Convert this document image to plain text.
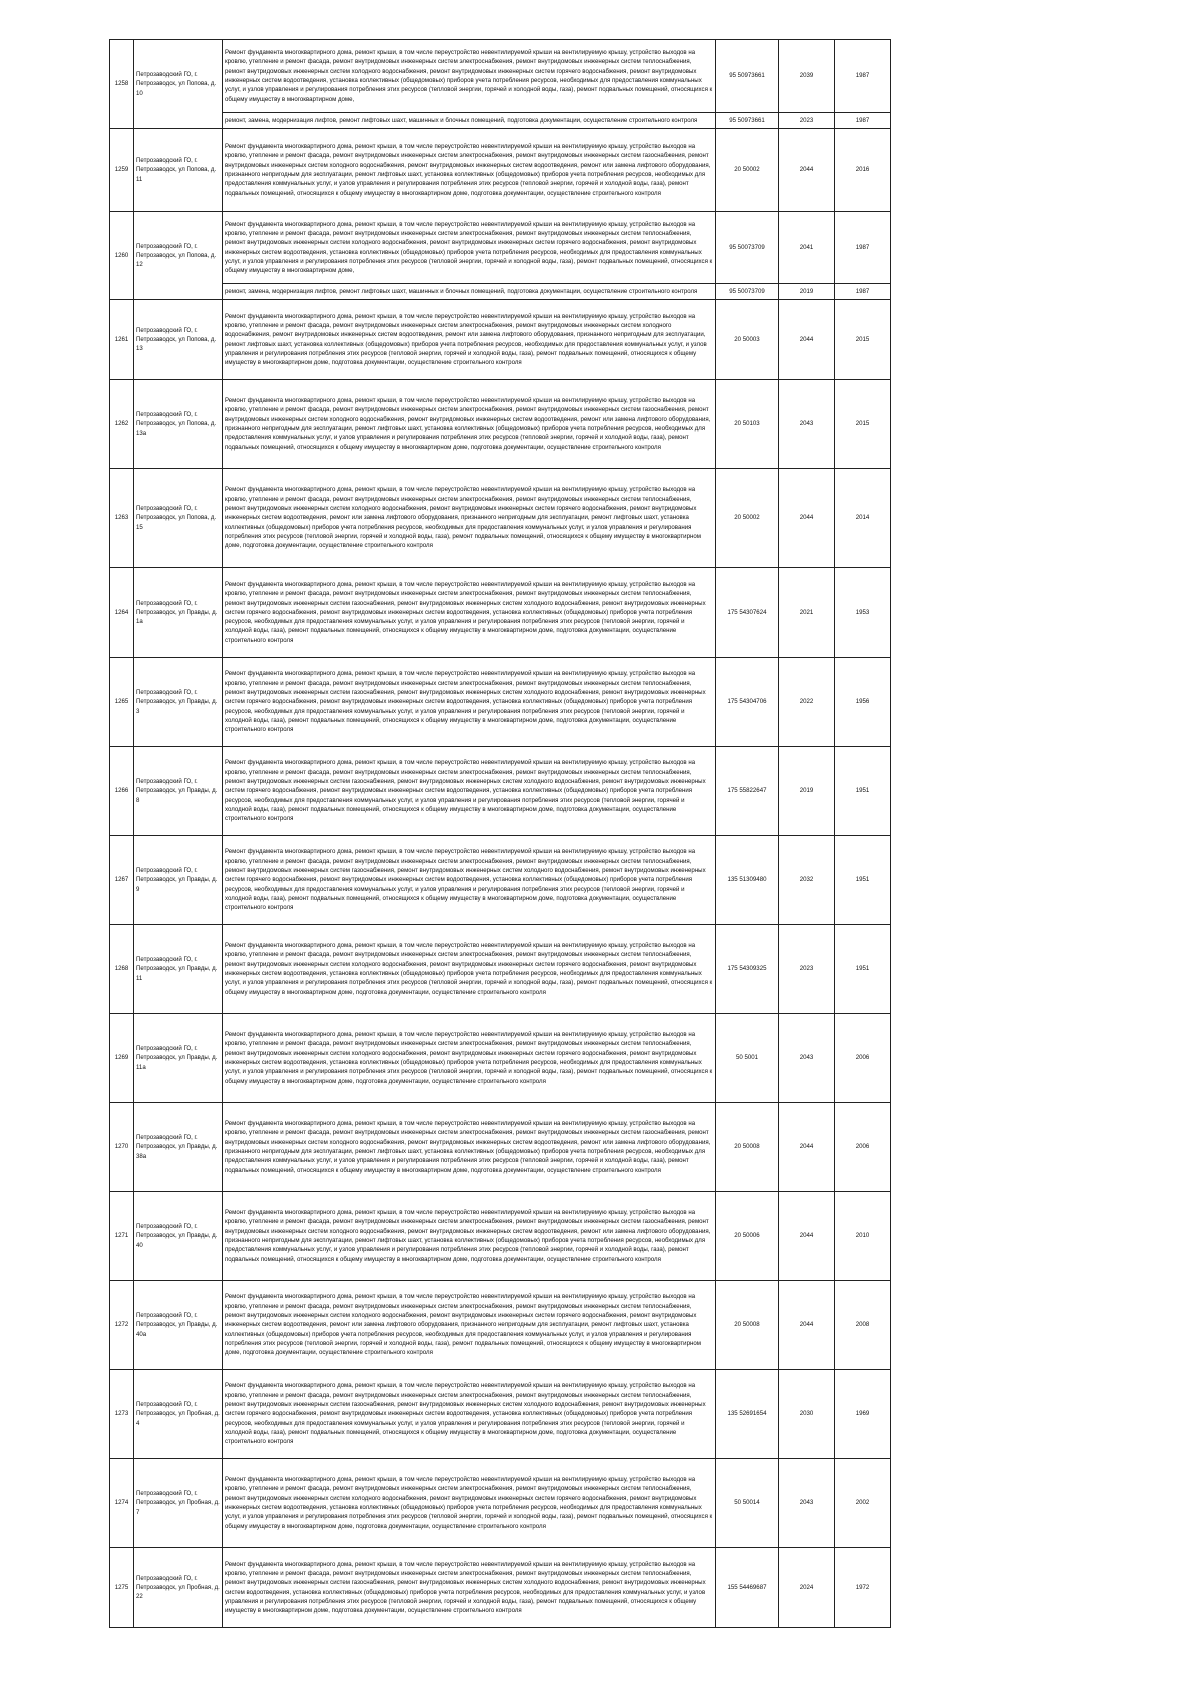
1258	Петрозаводский ГО, г. Петрозаводск, ул Попова, д. 10	Ремонт фундамента многоквартирного дома, ремонт крыши, в том числе переустройство невентилируемой крыши на вентилируемую крышу, устройство выходов на кровлю, утепление и ремонт фасада, ремонт внутридомовых инженерных систем электроснабжения, ремонт внутридомовых инженерных систем теплоснабжения, ремонт внутридомовых инженерных систем холодного водоснабжения, ремонт внутридомовых инженерных систем горячего водоснабжения, ремонт внутридомовых инженерных систем водоотведения, установка коллективных (общедомовых) приборов учета потребления ресурсов, необходимых для предоставления коммунальных услуг, и узлов управления и регулирования потребления этих ресурсов (тепловой энергии, горячей и холодной воды, газа), ремонт подвальных помещений, относящихся к общему имуществу в многоквартирном доме,	95 50973661	2039	1987
		ремонт, замена, модернизация лифтов, ремонт лифтовых шахт, машинных и блочных помещений, подготовка документации, осуществление строительного контроля	95 50973661	2023	1987
1259	Петрозаводский ГО, г. Петрозаводск, ул Попова, д. 11	Ремонт фундамента многоквартирного дома, ремонт крыши, в том числе переустройство невентилируемой крыши на вентилируемую крышу, устройство выходов на кровлю, утепление и ремонт фасада, ремонт внутридомовых инженерных систем электроснабжения, ремонт внутридомовых инженерных систем газоснабжения, ремонт внутридомовых инженерных систем холодного водоснабжения, ремонт внутридомовых инженерных систем водоотведения, ремонт или замена лифтового оборудования, признанного непригодным для эксплуатации, ремонт лифтовых шахт, установка коллективных (общедомовых) приборов учета потребления ресурсов, необходимых для предоставления коммунальных услуг, и узлов управления и регулирования потребления этих ресурсов (тепловой энергии, горячей и холодной воды, газа), ремонт подвальных помещений, относящихся к общему имуществу в многоквартирном доме, подготовка документации, осуществление строительного контроля	20 50002	2044	2016
1260	Петрозаводский ГО, г. Петрозаводск, ул Попова, д. 12	Ремонт фундамента многоквартирного дома, ремонт крыши, в том числе переустройство невентилируемой крыши на вентилируемую крышу, устройство выходов на кровлю, утепление и ремонт фасада, ремонт внутридомовых инженерных систем электроснабжения, ремонт внутридомовых инженерных систем теплоснабжения, ремонт внутридомовых инженерных систем холодного водоснабжения, ремонт внутридомовых инженерных систем горячего водоснабжения, ремонт внутридомовых инженерных систем водоотведения, установка коллективных (общедомовых) приборов учета потребления ресурсов, необходимых для предоставления коммунальных услуг, и узлов управления и регулирования потребления этих ресурсов (тепловой энергии, горячей и холодной воды, газа), ремонт подвальных помещений, относящихся к общему имуществу в многоквартирном доме,	95 50073709	2041	1987
		ремонт, замена, модернизация лифтов, ремонт лифтовых шахт, машинных и блочных помещений, подготовка документации, осуществление строительного контроля	95 50073709	2019	1987
1261	Петрозаводский ГО, г. Петрозаводск, ул Попова, д. 13	Ремонт фундамента многоквартирного дома, ремонт крыши, в том числе переустройство невентилируемой крыши на вентилируемую крышу, устройство выходов на кровлю, утепление и ремонт фасада, ремонт внутридомовых инженерных систем электроснабжения, ремонт внутридомовых инженерных систем холодного водоснабжения, ремонт внутридомовых инженерных систем водоотведения, ремонт или замена лифтового оборудования, признанного непригодным для эксплуатации, ремонт лифтовых шахт, установка коллективных (общедомовых) приборов учета потребления ресурсов, необходимых для предоставления коммунальных услуг, и узлов управления и регулирования потребления этих ресурсов (тепловой энергии, горячей и холодной воды, газа), ремонт подвальных помещений, относящихся к общему имуществу в многоквартирном доме, подготовка документации, осуществление строительного контроля	20 50003	2044	2015
1262	Петрозаводский ГО, г. Петрозаводск, ул Попова, д. 13а	Ремонт фундамента многоквартирного дома, ремонт крыши, в том числе переустройство невентилируемой крыши на вентилируемую крышу, устройство выходов на кровлю, утепление и ремонт фасада, ремонт внутридомовых инженерных систем электроснабжения, ремонт внутридомовых инженерных систем газоснабжения, ремонт внутридомовых инженерных систем холодного водоснабжения, ремонт внутридомовых инженерных систем водоотведения, ремонт или замена лифтового оборудования, признанного непригодным для эксплуатации, ремонт лифтовых шахт, установка коллективных (общедомовых) приборов учета потребления ресурсов, необходимых для предоставления коммунальных услуг, и узлов управления и регулирования потребления этих ресурсов (тепловой энергии, горячей и холодной воды, газа), ремонт подвальных помещений, относящихся к общему имуществу в многоквартирном доме, подготовка документации, осуществление строительного контроля	20 50103	2043	2015
1263	Петрозаводский ГО, г. Петрозаводск, ул Попова, д. 15	Ремонт фундамента многоквартирного дома, ремонт крыши, в том числе переустройство невентилируемой крыши на вентилируемую крышу, устройство выходов на кровлю, утепление и ремонт фасада, ремонт внутридомовых инженерных систем электроснабжения, ремонт внутридомовых инженерных систем теплоснабжения, ремонт внутридомовых инженерных систем холодного водоснабжения, ремонт внутридомовых инженерных систем горячего водоснабжения, ремонт внутридомовых инженерных систем водоотведения, ремонт или замена лифтового оборудования, признанного непригодным для эксплуатации, ремонт лифтовых шахт, установка коллективных (общедомовых) приборов учета потребления ресурсов, необходимых для предоставления коммунальных услуг, и узлов управления и регулирования потребления этих ресурсов (тепловой энергии, горячей и холодной воды, газа), ремонт подвальных помещений, относящихся к общему имуществу в многоквартирном доме, подготовка документации, осуществление строительного контроля	20 50002	2044	2014
1264	Петрозаводский ГО, г. Петрозаводск, ул Правды, д. 1а	Ремонт фундамента многоквартирного дома, ремонт крыши, в том числе переустройство невентилируемой крыши на вентилируемую крышу, устройство выходов на кровлю, утепление и ремонт фасада, ремонт внутридомовых инженерных систем электроснабжения, ремонт внутридомовых инженерных систем теплоснабжения, ремонт внутридомовых инженерных систем газоснабжения, ремонт внутридомовых инженерных систем холодного водоснабжения, ремонт внутридомовых инженерных систем горячего водоснабжения, ремонт внутридомовых инженерных систем водоотведения, установка коллективных (общедомовых) приборов учета потребления ресурсов, необходимых для предоставления коммунальных услуг, и узлов управления и регулирования потребления этих ресурсов (тепловой энергии, горячей и холодной воды, газа), ремонт подвальных помещений, относящихся к общему имуществу в многоквартирном доме, подготовка документации, осуществление строительного контроля	175 54307624	2021	1953
1265	Петрозаводский ГО, г. Петрозаводск, ул Правды, д. 3	Ремонт фундамента многоквартирного дома, ремонт крыши, в том числе переустройство невентилируемой крыши на вентилируемую крышу, устройство выходов на кровлю, утепление и ремонт фасада, ремонт внутридомовых инженерных систем электроснабжения, ремонт внутридомовых инженерных систем теплоснабжения, ремонт внутридомовых инженерных систем газоснабжения, ремонт внутридомовых инженерных систем холодного водоснабжения, ремонт внутридомовых инженерных систем горячего водоснабжения, ремонт внутридомовых инженерных систем водоотведения, установка коллективных (общедомовых) приборов учета потребления ресурсов, необходимых для предоставления коммунальных услуг, и узлов управления и регулирования потребления этих ресурсов (тепловой энергии, горячей и холодной воды, газа), ремонт подвальных помещений, относящихся к общему имуществу в многоквартирном доме, подготовка документации, осуществление строительного контроля	175 54304706	2022	1956
1266	Петрозаводский ГО, г. Петрозаводск, ул Правды, д. 8	Ремонт фундамента многоквартирного дома, ремонт крыши, в том числе переустройство невентилируемой крыши на вентилируемую крышу, устройство выходов на кровлю, утепление и ремонт фасада, ремонт внутридомовых инженерных систем электроснабжения, ремонт внутридомовых инженерных систем теплоснабжения, ремонт внутридомовых инженерных систем газоснабжения, ремонт внутридомовых инженерных систем холодного водоснабжения, ремонт внутридомовых инженерных систем горячего водоснабжения, ремонт внутридомовых инженерных систем водоотведения, установка коллективных (общедомовых) приборов учета потребления ресурсов, необходимых для предоставления коммунальных услуг, и узлов управления и регулирования потребления этих ресурсов (тепловой энергии, горячей и холодной воды, газа), ремонт подвальных помещений, относящихся к общему имуществу в многоквартирном доме, подготовка документации, осуществление строительного контроля	175 55822647	2019	1951
1267	Петрозаводский ГО, г. Петрозаводск, ул Правды, д. 9	Ремонт фундамента многоквартирного дома, ремонт крыши, в том числе переустройство невентилируемой крыши на вентилируемую крышу, устройство выходов на кровлю, утепление и ремонт фасада, ремонт внутридомовых инженерных систем электроснабжения, ремонт внутридомовых инженерных систем теплоснабжения, ремонт внутридомовых инженерных систем газоснабжения, ремонт внутридомовых инженерных систем холодного водоснабжения, ремонт внутридомовых инженерных систем горячего водоснабжения, ремонт внутридомовых инженерных систем водоотведения, установка коллективных (общедомовых) приборов учета потребления ресурсов, необходимых для предоставления коммунальных услуг, и узлов управления и регулирования потребления этих ресурсов (тепловой энергии, горячей и холодной воды, газа), ремонт подвальных помещений, относящихся к общему имуществу в многоквартирном доме, подготовка документации, осуществление строительного контроля	135 51309480	2032	1951
1268	Петрозаводский ГО, г. Петрозаводск, ул Правды, д. 11	Ремонт фундамента многоквартирного дома, ремонт крыши, в том числе переустройство невентилируемой крыши на вентилируемую крышу, устройство выходов на кровлю, утепление и ремонт фасада, ремонт внутридомовых инженерных систем электроснабжения, ремонт внутридомовых инженерных систем теплоснабжения, ремонт внутридомовых инженерных систем холодного водоснабжения, ремонт внутридомовых инженерных систем горячего водоснабжения, ремонт внутридомовых инженерных систем водоотведения, установка коллективных (общедомовых) приборов учета потребления ресурсов, необходимых для предоставления коммунальных услуг, и узлов управления и регулирования потребления этих ресурсов (тепловой энергии, горячей и холодной воды, газа), ремонт подвальных помещений, относящихся к общему имуществу в многоквартирном доме, подготовка документации, осуществление строительного контроля	175 54309325	2023	1951
1269	Петрозаводский ГО, г. Петрозаводск, ул Правды, д. 11а	Ремонт фундамента многоквартирного дома, ремонт крыши, в том числе переустройство невентилируемой крыши на вентилируемую крышу, устройство выходов на кровлю, утепление и ремонт фасада, ремонт внутридомовых инженерных систем электроснабжения, ремонт внутридомовых инженерных систем теплоснабжения, ремонт внутридомовых инженерных систем холодного водоснабжения, ремонт внутридомовых инженерных систем горячего водоснабжения, ремонт внутридомовых инженерных систем водоотведения, установка коллективных (общедомовых) приборов учета потребления ресурсов, необходимых для предоставления коммунальных услуг, и узлов управления и регулирования потребления этих ресурсов (тепловой энергии, горячей и холодной воды, газа), ремонт подвальных помещений, относящихся к общему имуществу в многоквартирном доме, подготовка документации, осуществление строительного контроля	50 5001	2043	2006
1270	Петрозаводский ГО, г. Петрозаводск, ул Правды, д. 38а	Ремонт фундамента многоквартирного дома, ремонт крыши, в том числе переустройство невентилируемой крыши на вентилируемую крышу, устройство выходов на кровлю, утепление и ремонт фасада, ремонт внутридомовых инженерных систем электроснабжения, ремонт внутридомовых инженерных систем газоснабжения, ремонт внутридомовых инженерных систем холодного водоснабжения, ремонт внутридомовых инженерных систем водоотведения, ремонт или замена лифтового оборудования, признанного непригодным для эксплуатации, ремонт лифтовых шахт, установка коллективных (общедомовых) приборов учета потребления ресурсов, необходимых для предоставления коммунальных услуг, и узлов управления и регулирования потребления этих ресурсов (тепловой энергии, горячей и холодной воды, газа), ремонт подвальных помещений, относящихся к общему имуществу в многоквартирном доме, подготовка документации, осуществление строительного контроля	20 50008	2044	2006
1271	Петрозаводский ГО, г. Петрозаводск, ул Правды, д. 40	Ремонт фундамента многоквартирного дома, ремонт крыши, в том числе переустройство невентилируемой крыши на вентилируемую крышу, устройство выходов на кровлю, утепление и ремонт фасада, ремонт внутридомовых инженерных систем электроснабжения, ремонт внутридомовых инженерных систем газоснабжения, ремонт внутридомовых инженерных систем холодного водоснабжения, ремонт внутридомовых инженерных систем водоотведения, ремонт или замена лифтового оборудования, признанного непригодным для эксплуатации, ремонт лифтовых шахт, установка коллективных (общедомовых) приборов учета потребления ресурсов, необходимых для предоставления коммунальных услуг, и узлов управления и регулирования потребления этих ресурсов (тепловой энергии, горячей и холодной воды, газа), ремонт подвальных помещений, относящихся к общему имуществу в многоквартирном доме, подготовка документации, осуществление строительного контроля	20 50006	2044	2010
1272	Петрозаводский ГО, г. Петрозаводск, ул Правды, д. 40а	Ремонт фундамента многоквартирного дома, ремонт крыши, в том числе переустройство невентилируемой крыши на вентилируемую крышу, устройство выходов на кровлю, утепление и ремонт фасада, ремонт внутридомовых инженерных систем электроснабжения, ремонт внутридомовых инженерных систем теплоснабжения, ремонт внутридомовых инженерных систем холодного водоснабжения, ремонт внутридомовых инженерных систем горячего водоснабжения, ремонт внутридомовых инженерных систем водоотведения, ремонт или замена лифтового оборудования, признанного непригодным для эксплуатации, ремонт лифтовых шахт, установка коллективных (общедомовых) приборов учета потребления ресурсов, необходимых для предоставления коммунальных услуг, и узлов управления и регулирования потребления этих ресурсов (тепловой энергии, горячей и холодной воды, газа), ремонт подвальных помещений, относящихся к общему имуществу в многоквартирном доме, подготовка документации, осуществление строительного контроля	20 50008	2044	2008
1273	Петрозаводский ГО, г. Петрозаводск, ул Пробная, д. 4	Ремонт фундамента многоквартирного дома, ремонт крыши, в том числе переустройство невентилируемой крыши на вентилируемую крышу, устройство выходов на кровлю, утепление и ремонт фасада, ремонт внутридомовых инженерных систем электроснабжения, ремонт внутридомовых инженерных систем теплоснабжения, ремонт внутридомовых инженерных систем газоснабжения, ремонт внутридомовых инженерных систем холодного водоснабжения, ремонт внутридомовых инженерных систем горячего водоснабжения, ремонт внутридомовых инженерных систем водоотведения, установка коллективных (общедомовых) приборов учета потребления ресурсов, необходимых для предоставления коммунальных услуг, и узлов управления и регулирования потребления этих ресурсов (тепловой энергии, горячей и холодной воды, газа), ремонт подвальных помещений, относящихся к общему имуществу в многоквартирном доме, подготовка документации, осуществление строительного контроля	135 52691654	2030	1969
1274	Петрозаводский ГО, г. Петрозаводск, ул Пробная, д. 7	Ремонт фундамента многоквартирного дома, ремонт крыши, в том числе переустройство невентилируемой крыши на вентилируемую крышу, устройство выходов на кровлю, утепление и ремонт фасада, ремонт внутридомовых инженерных систем электроснабжения, ремонт внутридомовых инженерных систем теплоснабжения, ремонт внутридомовых инженерных систем холодного водоснабжения, ремонт внутридомовых инженерных систем горячего водоснабжения, ремонт внутридомовых инженерных систем водоотведения, установка коллективных (общедомовых) приборов учета потребления ресурсов, необходимых для предоставления коммунальных услуг, и узлов управления и регулирования потребления этих ресурсов (тепловой энергии, горячей и холодной воды, газа), ремонт подвальных помещений, относящихся к общему имуществу в многоквартирном доме, подготовка документации, осуществление строительного контроля	50 50014	2043	2002
1275	Петрозаводский ГО, г. Петрозаводск, ул Пробная, д. 22	Ремонт фундамента многоквартирного дома, ремонт крыши, в том числе переустройство невентилируемой крыши на вентилируемую крышу, устройство выходов на кровлю, утепление и ремонт фасада, ремонт внутридомовых инженерных систем электроснабжения, ремонт внутридомовых инженерных систем теплоснабжения, ремонт внутридомовых инженерных систем газоснабжения, ремонт внутридомовых инженерных систем холодного водоснабжения, ремонт внутридомовых инженерных систем водоотведения, установка коллективных (общедомовых) приборов учета потребления ресурсов, необходимых для предоставления коммунальных услуг, и узлов управления и регулирования потребления этих ресурсов (тепловой энергии, горячей и холодной воды, газа), ремонт подвальных помещений, относящихся к общему имуществу в многоквартирном доме, подготовка документации, осуществление строительного контроля	155 54469687	2024	1972
